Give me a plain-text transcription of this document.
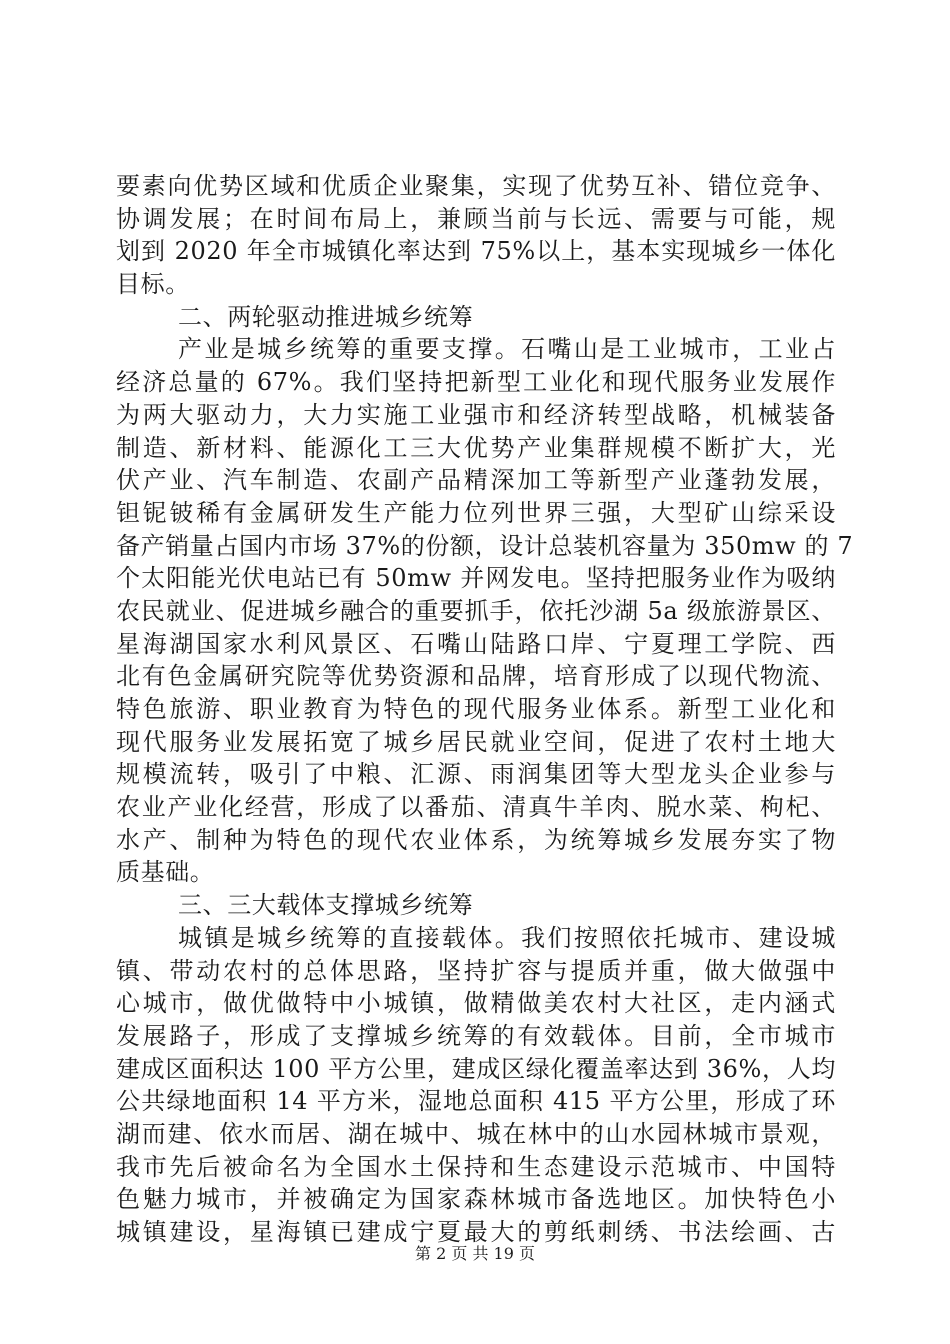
要素向优势区域和优质企业聚集，实现了优势互补、错位竞争、
协调发展；在时间布局上，兼顾当前与长远、需要与可能，规
划到 2020 年全市城镇化率达到 75%以上，基本实现城乡一体化
目标。
二、两轮驱动推进城乡统筹
产业是城乡统筹的重要支撑。石嘴山是工业城市，工业占
经济总量的 67%。我们坚持把新型工业化和现代服务业发展作
为两大驱动力，大力实施工业强市和经济转型战略，机械装备
制造、新材料、能源化工三大优势产业集群规模不断扩大，光
伏产业、汽车制造、农副产品精深加工等新型产业蓬勃发展，
钽铌铍稀有金属研发生产能力位列世界三强，大型矿山综采设
备产销量占国内市场 37%的份额，设计总装机容量为 350mw 的 7
个太阳能光伏电站已有 50mw 并网发电。坚持把服务业作为吸纳
农民就业、促进城乡融合的重要抓手，依托沙湖 5a 级旅游景区、
星海湖国家水利风景区、石嘴山陆路口岸、宁夏理工学院、西
北有色金属研究院等优势资源和品牌，培育形成了以现代物流、
特色旅游、职业教育为特色的现代服务业体系。新型工业化和
现代服务业发展拓宽了城乡居民就业空间，促进了农村土地大
规模流转，吸引了中粮、汇源、雨润集团等大型龙头企业参与
农业产业化经营，形成了以番茄、清真牛羊肉、脱水菜、枸杞、
水产、制种为特色的现代农业体系，为统筹城乡发展夯实了物
质基础。
三、三大载体支撑城乡统筹
城镇是城乡统筹的直接载体。我们按照依托城市、建设城
镇、带动农村的总体思路，坚持扩容与提质并重，做大做强中
心城市，做优做特中小城镇，做精做美农村大社区，走内涵式
发展路子，形成了支撑城乡统筹的有效载体。目前，全市城市
建成区面积达 100 平方公里，建成区绿化覆盖率达到 36%，人均
公共绿地面积 14 平方米，湿地总面积 415 平方公里，形成了环
湖而建、依水而居、湖在城中、城在林中的山水园林城市景观，
我市先后被命名为全国水土保持和生态建设示范城市、中国特
色魅力城市，并被确定为国家森林城市备选地区。加快特色小
城镇建设，星海镇已建成宁夏最大的剪纸刺绣、书法绘画、古
第 2 页 共 19 页
